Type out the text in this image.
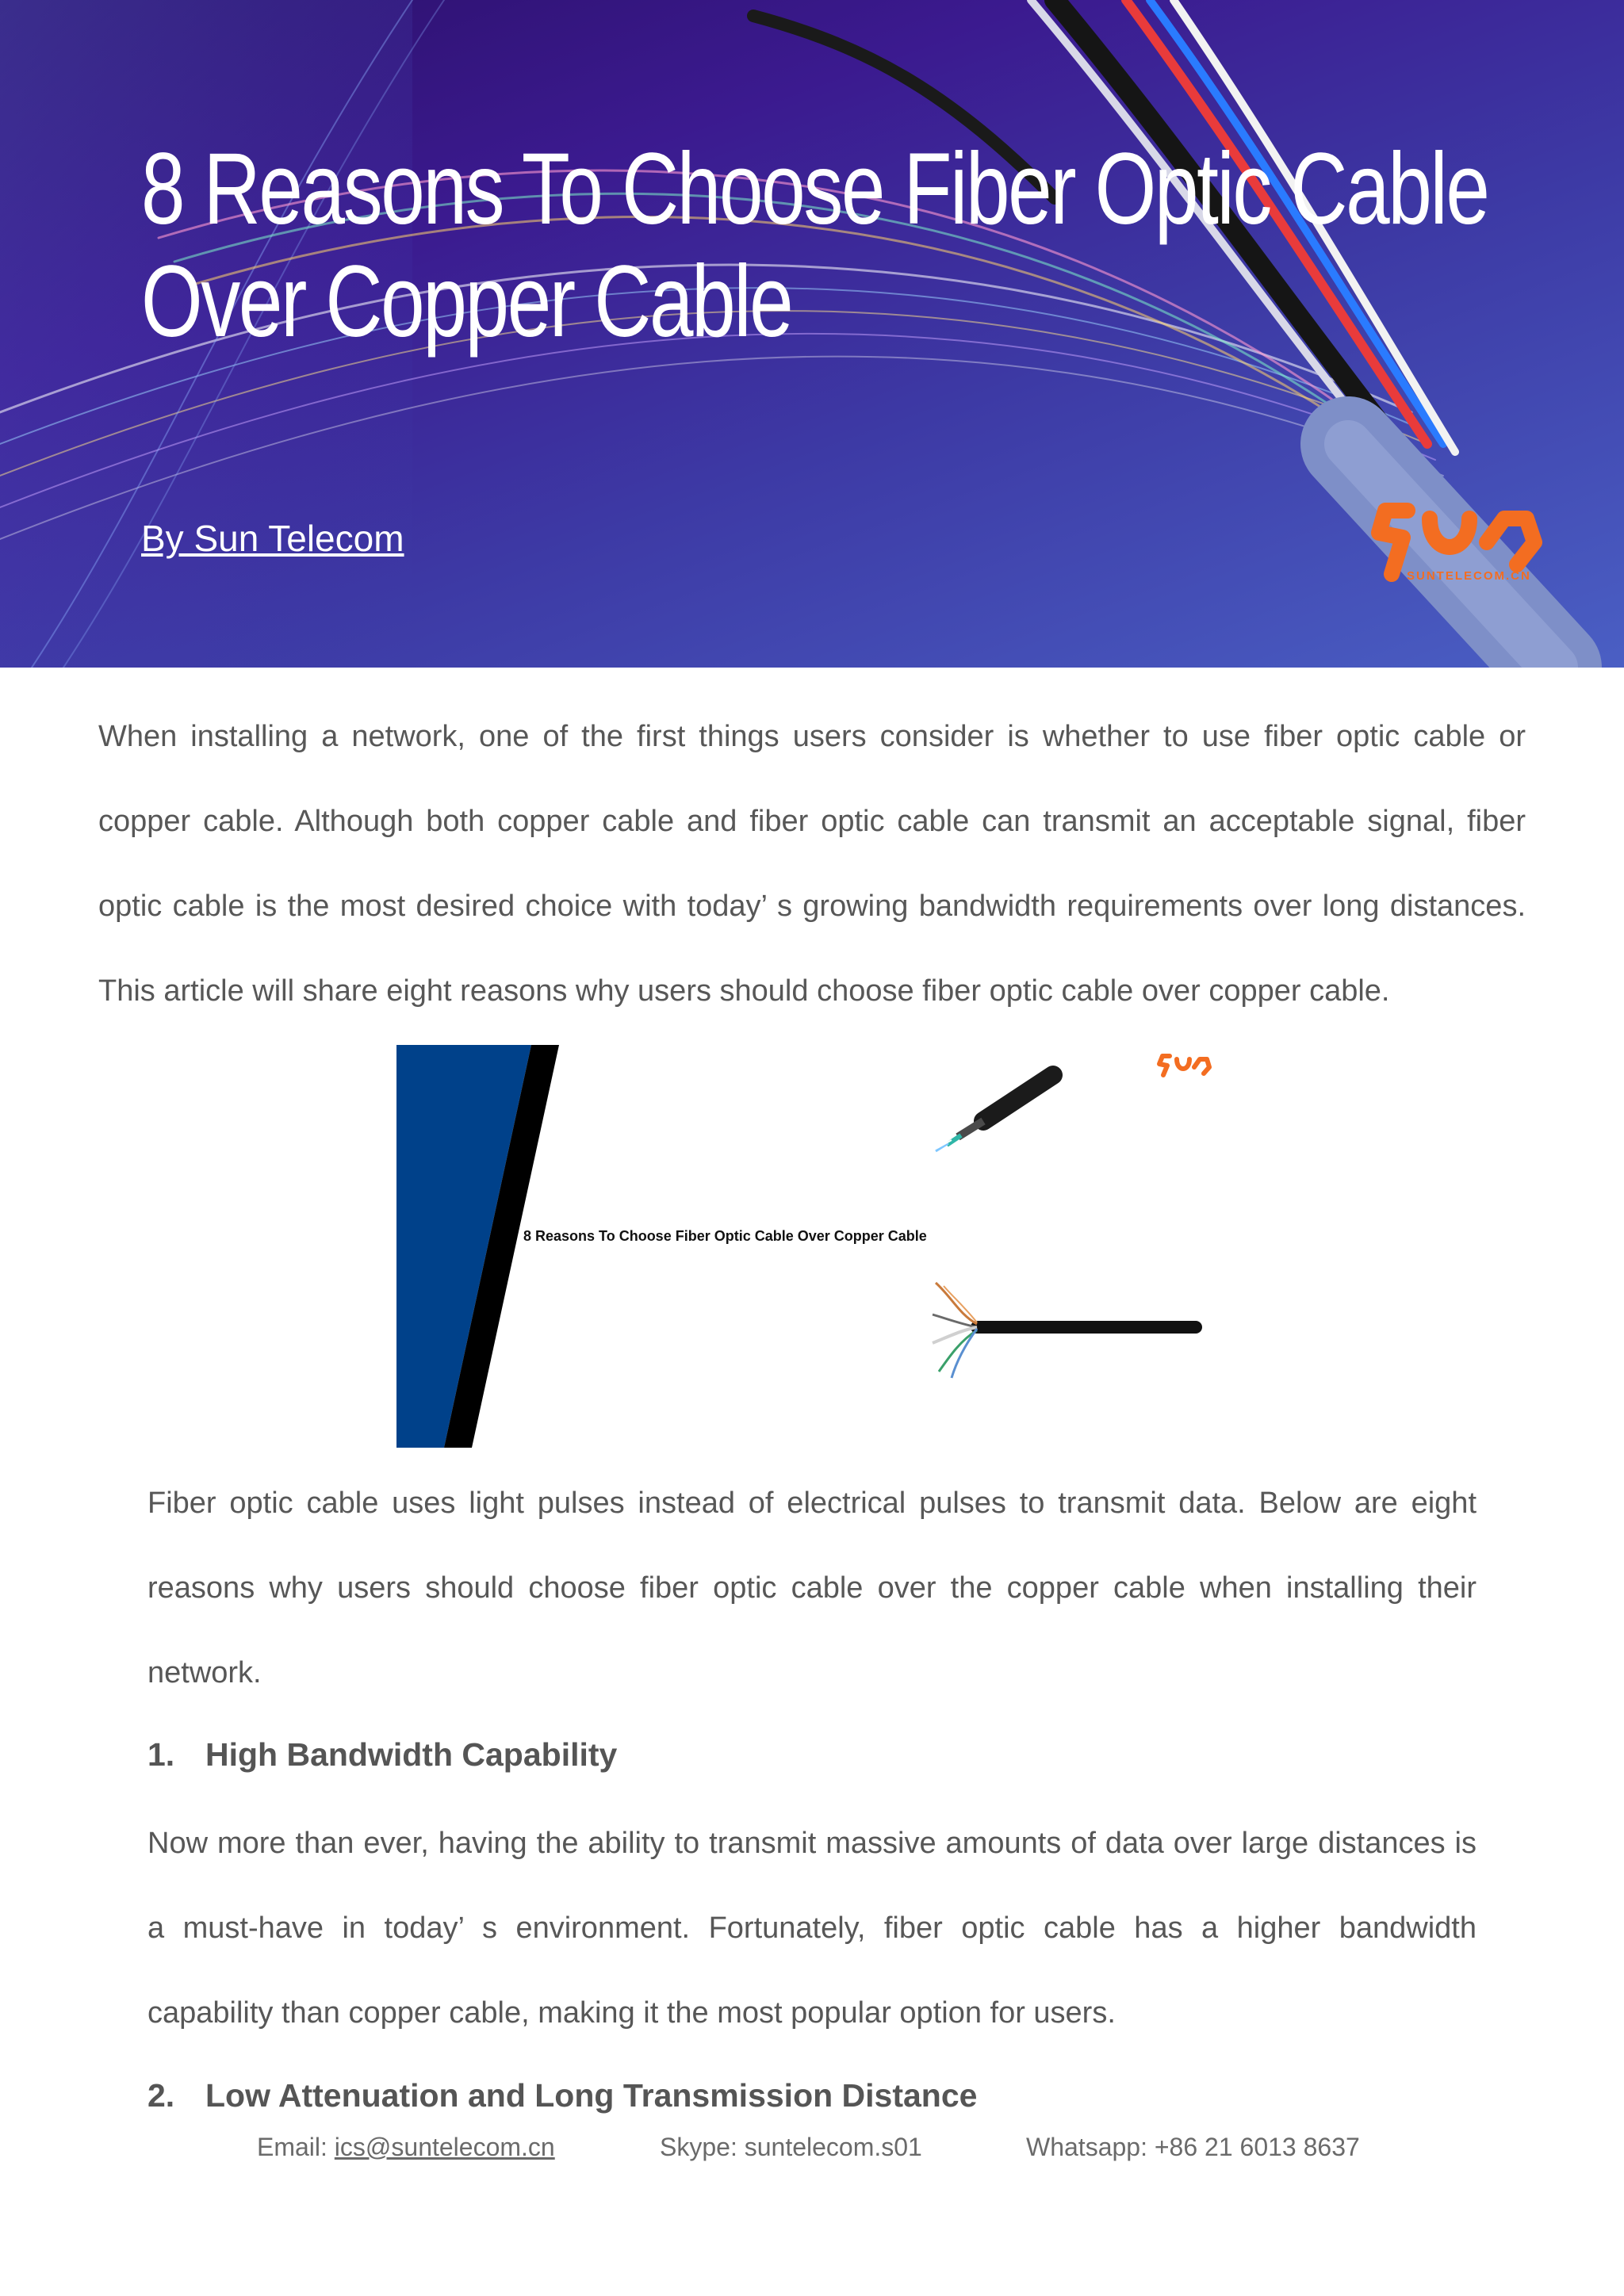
8 Reasons To Choose Fiber Optic Cable
Over Copper Cable
By Sun Telecom
SUNTELECOM.CN

When installing a network, one of the first things users consider is whether to use fiber optic cable or copper cable. Although both copper cable and fiber optic cable can transmit an acceptable signal, fiber optic cable is the most desired choice with today’ s growing bandwidth requirements over long distances. This article will share eight reasons why users should choose fiber optic cable over copper cable.

8 Reasons To Choose Fiber Optic Cable Over Copper Cable

Fiber optic cable uses light pulses instead of electrical pulses to transmit data. Below are eight reasons why users should choose fiber optic cable over the copper cable when installing their network.

1. High Bandwidth Capability

Now more than ever, having the ability to transmit massive amounts of data over large distances is a must-have in today’ s environment. Fortunately, fiber optic cable has a higher bandwidth capability than copper cable, making it the most popular option for users.

2. Low Attenuation and Long Transmission Distance
Email: ics@suntelecom.cn	Skype: suntelecom.s01	Whatsapp: +86 21 6013 8637
